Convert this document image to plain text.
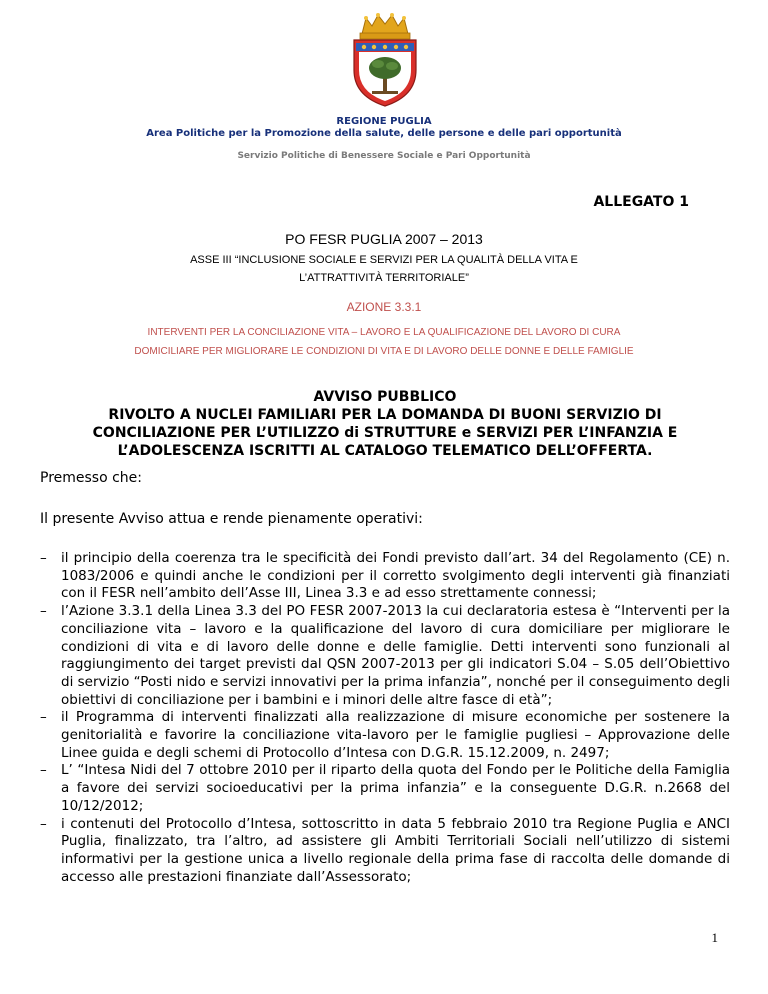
REGIONE PUGLIA
Area Politiche per la Promozione della salute, delle persone e delle pari opportunità
Servizio Politiche di Benessere Sociale e Pari Opportunità
ALLEGATO 1
PO FESR PUGLIA 2007 – 2013
ASSE III “INCLUSIONE SOCIALE E SERVIZI PER LA QUALITÀ DELLA VITA E
L’ATTRATTIVITÀ TERRITORIALE”
AZIONE 3.3.1
INTERVENTI PER LA CONCILIAZIONE VITA – LAVORO E LA QUALIFICAZIONE DEL LAVORO DI CURA
DOMICILIARE PER MIGLIORARE LE CONDIZIONI DI VITA E DI LAVORO DELLE DONNE E DELLE FAMIGLIE
AVVISO PUBBLICO
RIVOLTO A NUCLEI FAMILIARI PER LA DOMANDA DI BUONI SERVIZIO DI
CONCILIAZIONE PER L’UTILIZZO di STRUTTURE e SERVIZI PER L’INFANZIA E
L’ADOLESCENZA ISCRITTI AL CATALOGO TELEMATICO DELL’OFFERTA.
Premesso che:
Il presente Avviso attua e rende pienamente operativi:
– il principio della coerenza tra le specificità dei Fondi previsto dall’art. 34 del Regolamento (CE) n. 1083/2006 e quindi anche le condizioni per il corretto svolgimento degli interventi già finanziati con il FESR nell’ambito dell’Asse III, Linea 3.3 e ad esso strettamente connessi;
– l’Azione 3.3.1 della Linea 3.3 del PO FESR 2007-2013 la cui declaratoria estesa è “Interventi per la conciliazione vita – lavoro e la qualificazione del lavoro di cura domiciliare per migliorare le condizioni di vita e di lavoro delle donne e delle famiglie. Detti interventi sono funzionali al raggiungimento dei target previsti dal QSN 2007-2013 per gli indicatori S.04 – S.05 dell’Obiettivo di servizio “Posti nido e servizi innovativi per la prima infanzia”, nonché per il conseguimento degli obiettivi di conciliazione per i bambini e i minori delle altre fasce di età”;
– il Programma di interventi finalizzati alla realizzazione di misure economiche per sostenere la genitorialità e favorire la conciliazione vita-lavoro per le famiglie pugliesi – Approvazione delle Linee guida e degli schemi di Protocollo d’Intesa con D.G.R. 15.12.2009, n. 2497;
– L’ “Intesa Nidi del 7 ottobre 2010 per il riparto della quota del Fondo per le Politiche della Famiglia a favore dei servizi socioeducativi per la prima infanzia” e la conseguente D.G.R. n.2668 del 10/12/2012;
– i contenuti del Protocollo d’Intesa, sottoscritto in data 5 febbraio 2010 tra Regione Puglia e ANCI Puglia, finalizzato, tra l’altro, ad assistere gli Ambiti Territoriali Sociali nell’utilizzo di sistemi informativi per la gestione unica a livello regionale della prima fase di raccolta delle domande di accesso alle prestazioni finanziate dall’Assessorato;
1
